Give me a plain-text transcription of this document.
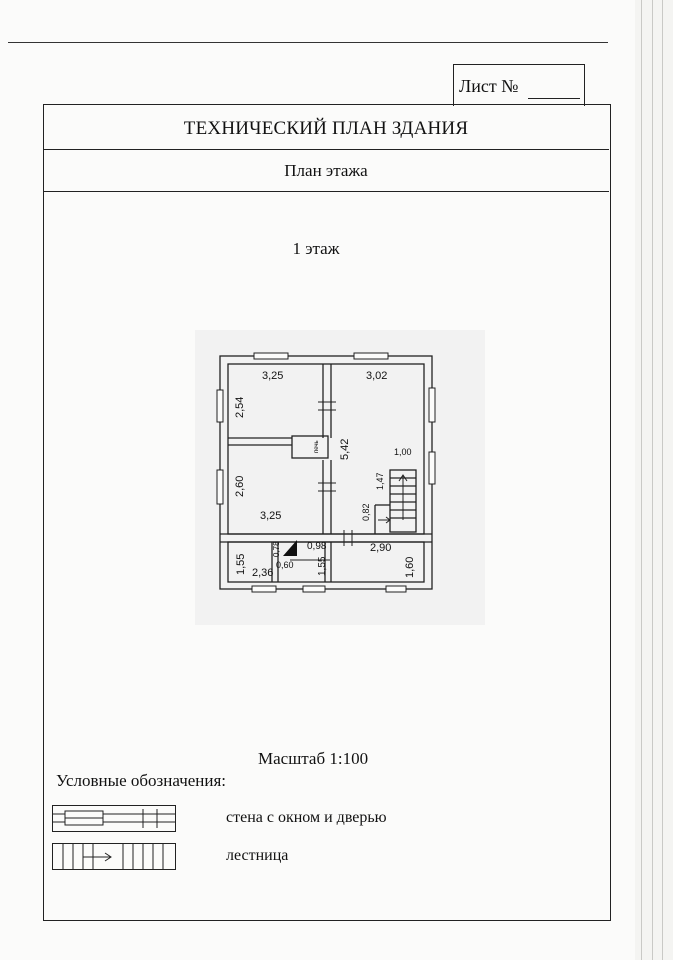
Лист №
ТЕХНИЧЕСКИЙ ПЛАН ЗДАНИЯ
План этажа
1 этаж
3,25	3,02
2,54
2,60
3,25
5,42	1,00
1,47
0,82
1,55 2,36
0,78
0,60
0,98
1,55
2,90
1,60
печь
Масштаб 1:100
Условные обозначения:
стена с окном и дверью
лестница
